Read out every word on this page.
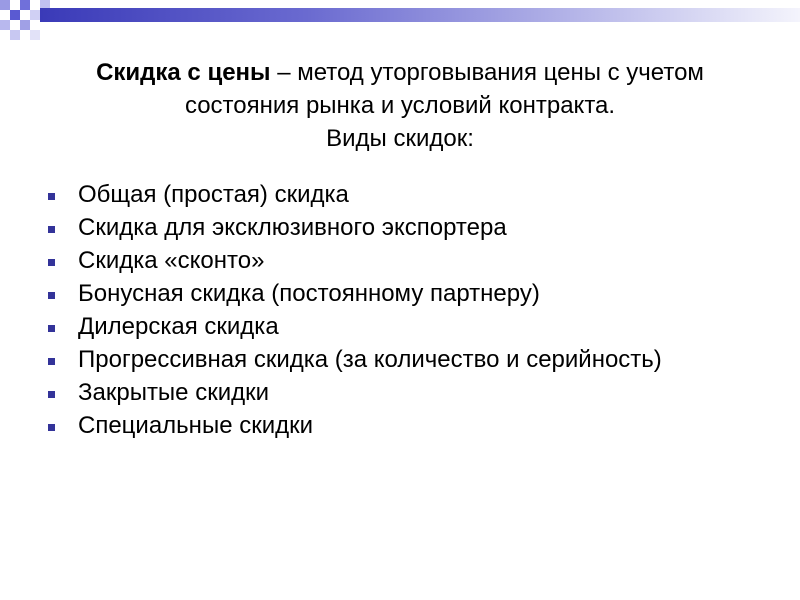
Скидка с цены – метод уторговывания цены с учетом состояния рынка и условий контракта.
Виды скидок:
Общая (простая) скидка
Скидка для эксклюзивного экспортера
Скидка «сконто»
Бонусная скидка (постоянному партнеру)
Дилерская скидка
Прогрессивная скидка (за количество и серийность)
Закрытые скидки
Специальные скидки
